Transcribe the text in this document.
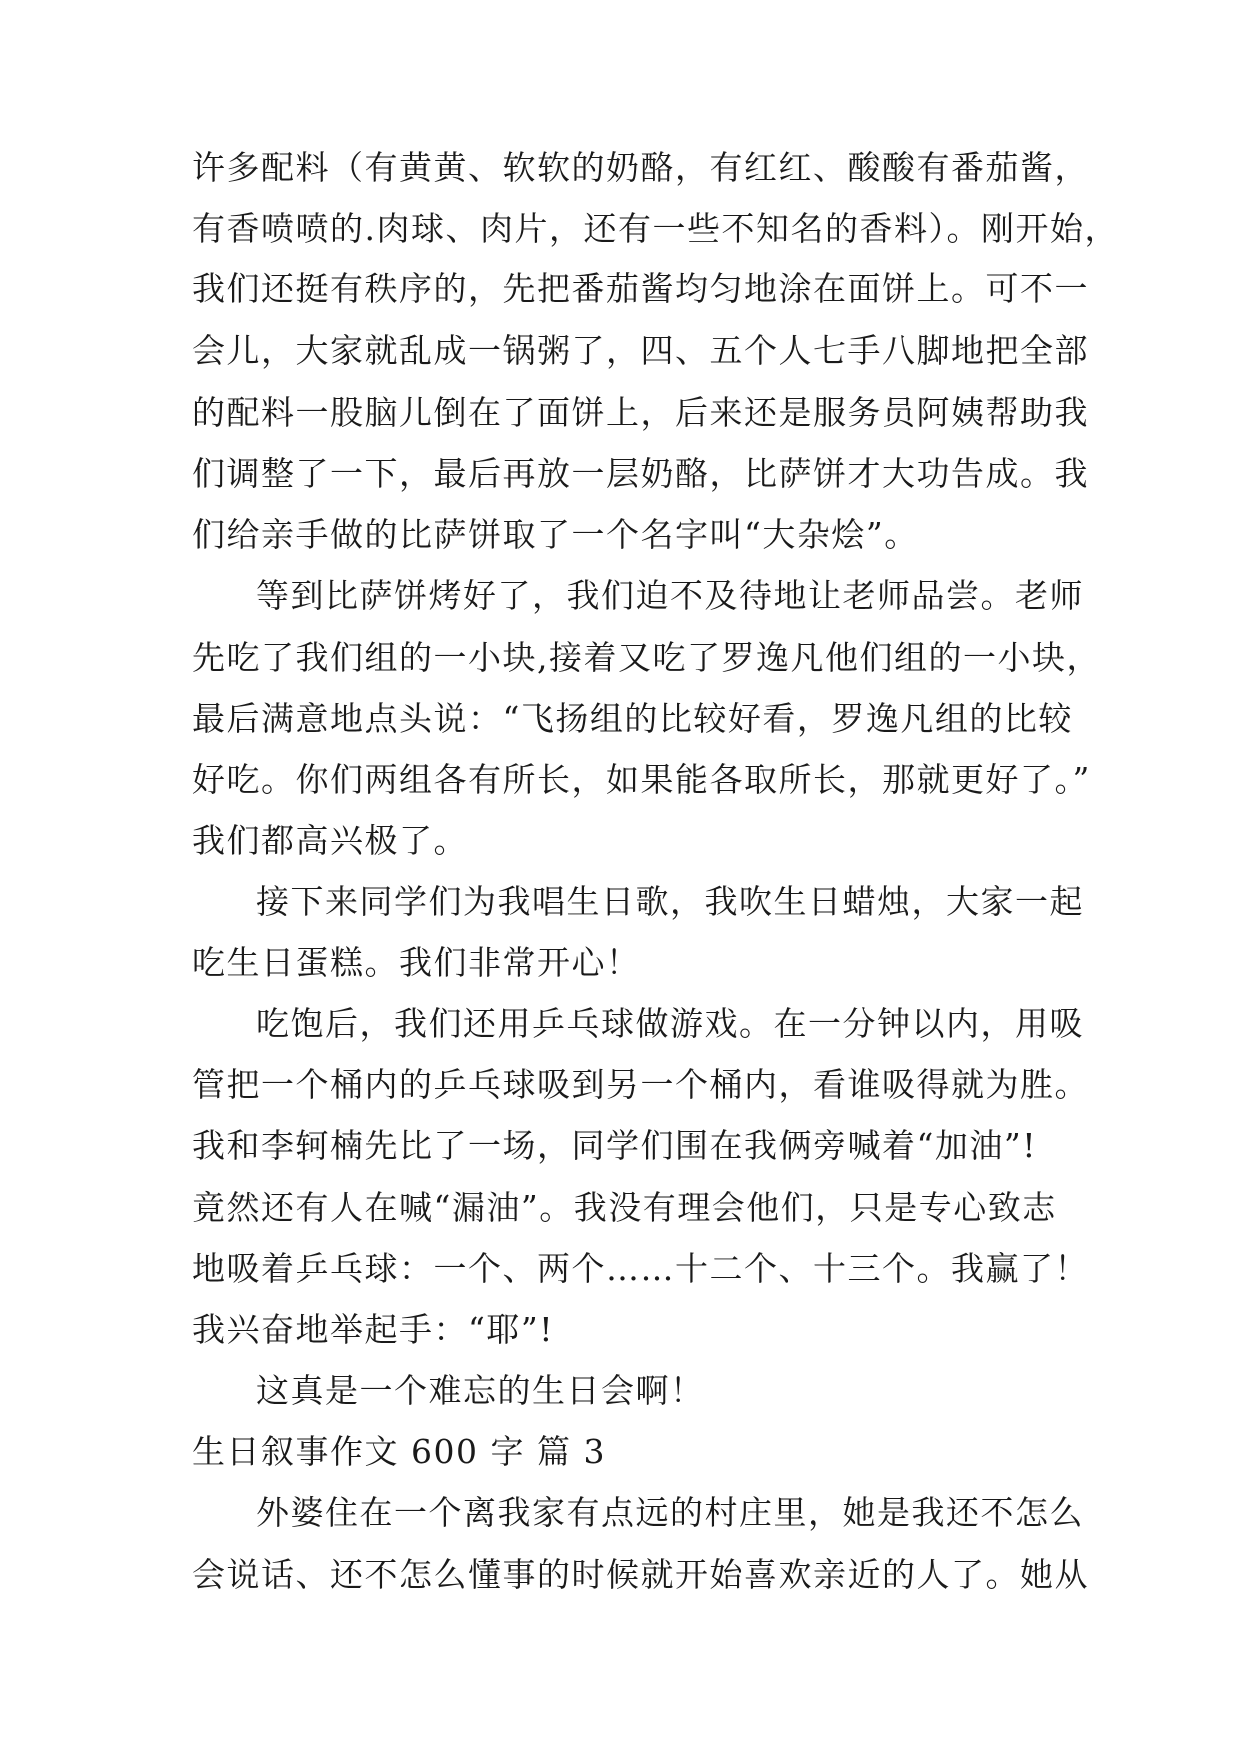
许多配料（有黄黄、软软的奶酪，有红红、酸酸有番茄酱，
有香喷喷的.肉球、肉片，还有一些不知名的香料）。刚开始，
我们还挺有秩序的，先把番茄酱均匀地涂在面饼上。可不一
会儿，大家就乱成一锅粥了，四、五个人七手八脚地把全部
的配料一股脑儿倒在了面饼上，后来还是服务员阿姨帮助我
们调整了一下，最后再放一层奶酪，比萨饼才大功告成。我
们给亲手做的比萨饼取了一个名字叫“大杂烩”。
等到比萨饼烤好了，我们迫不及待地让老师品尝。老师
先吃了我们组的一小块,接着又吃了罗逸凡他们组的一小块，
最后满意地点头说：“飞扬组的比较好看，罗逸凡组的比较
好吃。你们两组各有所长，如果能各取所长，那就更好了。”
我们都高兴极了。
接下来同学们为我唱生日歌，我吹生日蜡烛，大家一起
吃生日蛋糕。我们非常开心！
吃饱后，我们还用乒乓球做游戏。在一分钟以内，用吸
管把一个桶内的乒乓球吸到另一个桶内，看谁吸得就为胜。
我和李轲楠先比了一场，同学们围在我俩旁喊着“加油”!
竟然还有人在喊“漏油”。我没有理会他们，只是专心致志
地吸着乒乓球：一个、两个……十二个、十三个。我赢了！
我兴奋地举起手：“耶”!
这真是一个难忘的生日会啊！
生日叙事作文 600 字 篇 3
外婆住在一个离我家有点远的村庄里，她是我还不怎么
会说话、还不怎么懂事的时候就开始喜欢亲近的人了。她从
